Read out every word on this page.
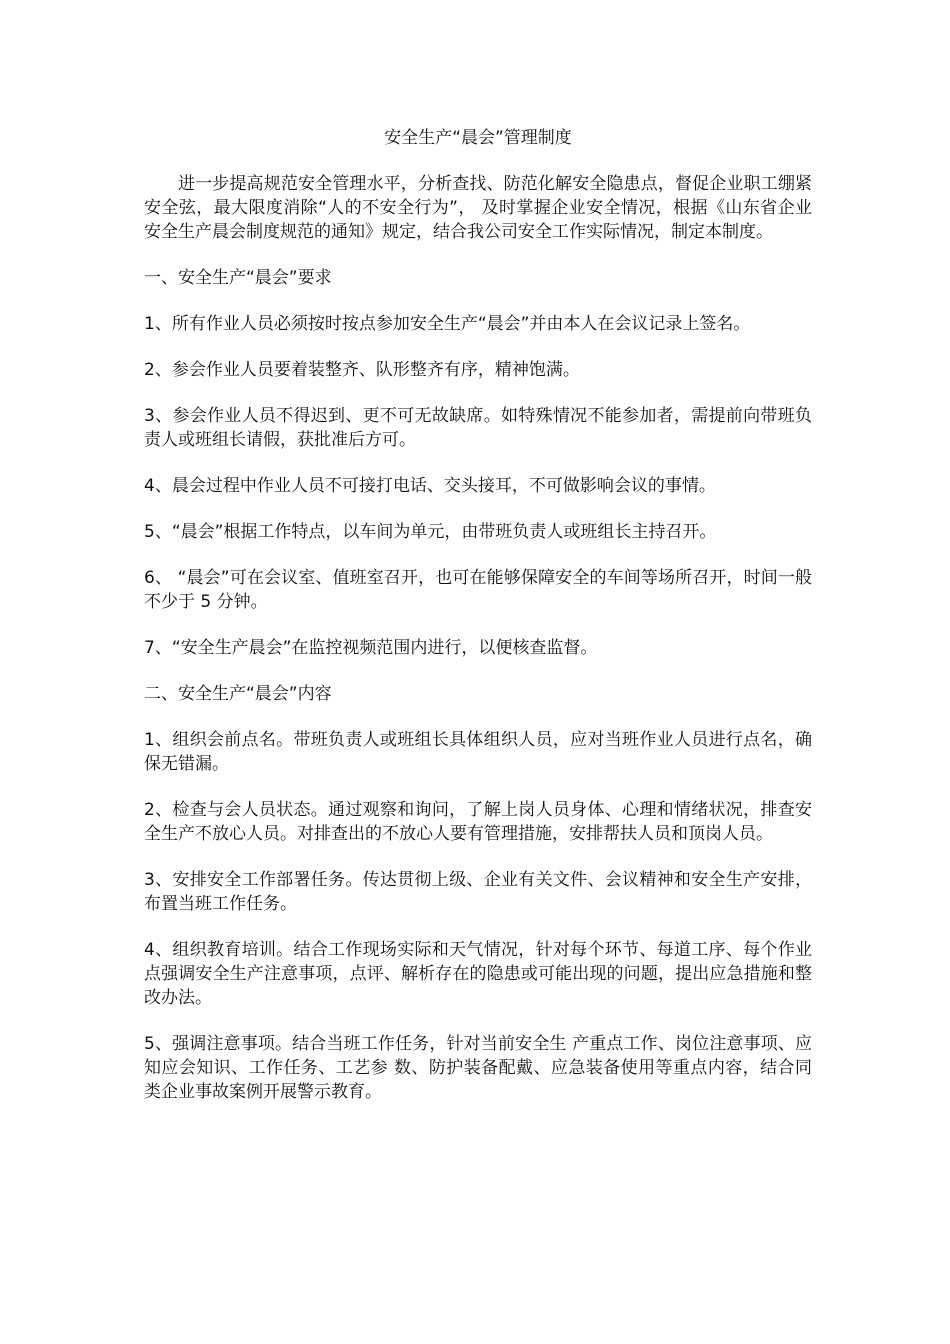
安全生产“晨会”管理制度

进一步提高规范安全管理水平，分析查找、防范化解安全隐患点，督促企业职工绷紧安全弦，最大限度消除“人的不安全行为”， 及时掌握企业安全情况，根据《山东省企业安全生产晨会制度规范的通知》规定，结合我公司安全工作实际情况，制定本制度。

一、安全生产“晨会”要求

1、所有作业人员必须按时按点参加安全生产“晨会”并由本人在会议记录上签名。

2、参会作业人员要着装整齐、队形整齐有序，精神饱满。

3、参会作业人员不得迟到、更不可无故缺席。如特殊情况不能参加者，需提前向带班负责人或班组长请假，获批准后方可。

4、晨会过程中作业人员不可接打电话、交头接耳，不可做影响会议的事情。

5、“晨会”根据工作特点，以车间为单元，由带班负责人或班组长主持召开。

6、 “晨会”可在会议室、值班室召开，也可在能够保障安全的车间等场所召开，时间一般不少于 5 分钟。

7、“安全生产晨会”在监控视频范围内进行，以便核查监督。

二、安全生产“晨会”内容

1、组织会前点名。带班负责人或班组长具体组织人员，应对当班作业人员进行点名，确保无错漏。

2、检查与会人员状态。通过观察和询问，了解上岗人员身体、心理和情绪状况，排查安全生产不放心人员。对排查出的不放心人要有管理措施，安排帮扶人员和顶岗人员。

3、安排安全工作部署任务。传达贯彻上级、企业有关文件、会议精神和安全生产安排，布置当班工作任务。

4、组织教育培训。结合工作现场实际和天气情况，针对每个环节、每道工序、每个作业点强调安全生产注意事项，点评、解析存在的隐患或可能出现的问题，提出应急措施和整改办法。

5、强调注意事项。结合当班工作任务，针对当前安全生 产重点工作、岗位注意事项、应知应会知识、工作任务、工艺参 数、防护装备配戴、应急装备使用等重点内容，结合同类企业事故案例开展警示教育。
